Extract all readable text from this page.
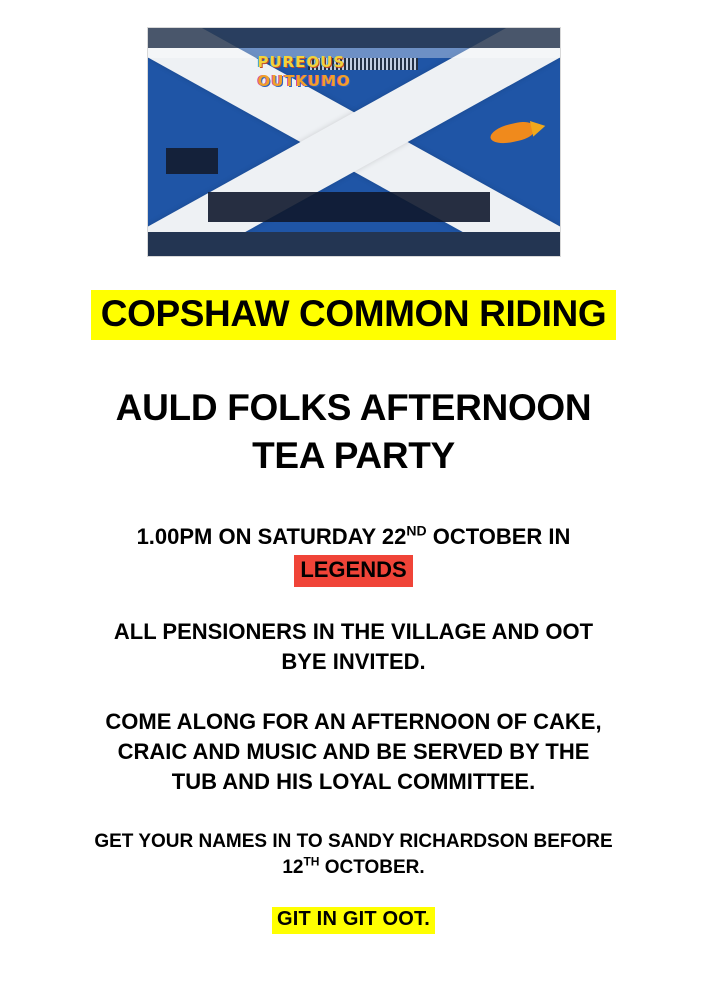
PUREOUS
OUTKUMO
COPSHAW COMMON RIDING
AULD FOLKS AFTERNOON
TEA PARTY
1.00PM ON SATURDAY 22ND OCTOBER IN
LEGENDS
ALL PENSIONERS IN THE VILLAGE AND OOT
BYE INVITED.
COME ALONG FOR AN AFTERNOON OF CAKE,
CRAIC AND MUSIC AND BE SERVED BY THE
TUB AND HIS LOYAL COMMITTEE.
GET YOUR NAMES IN TO SANDY RICHARDSON BEFORE
12TH OCTOBER.
GIT IN GIT OOT.
